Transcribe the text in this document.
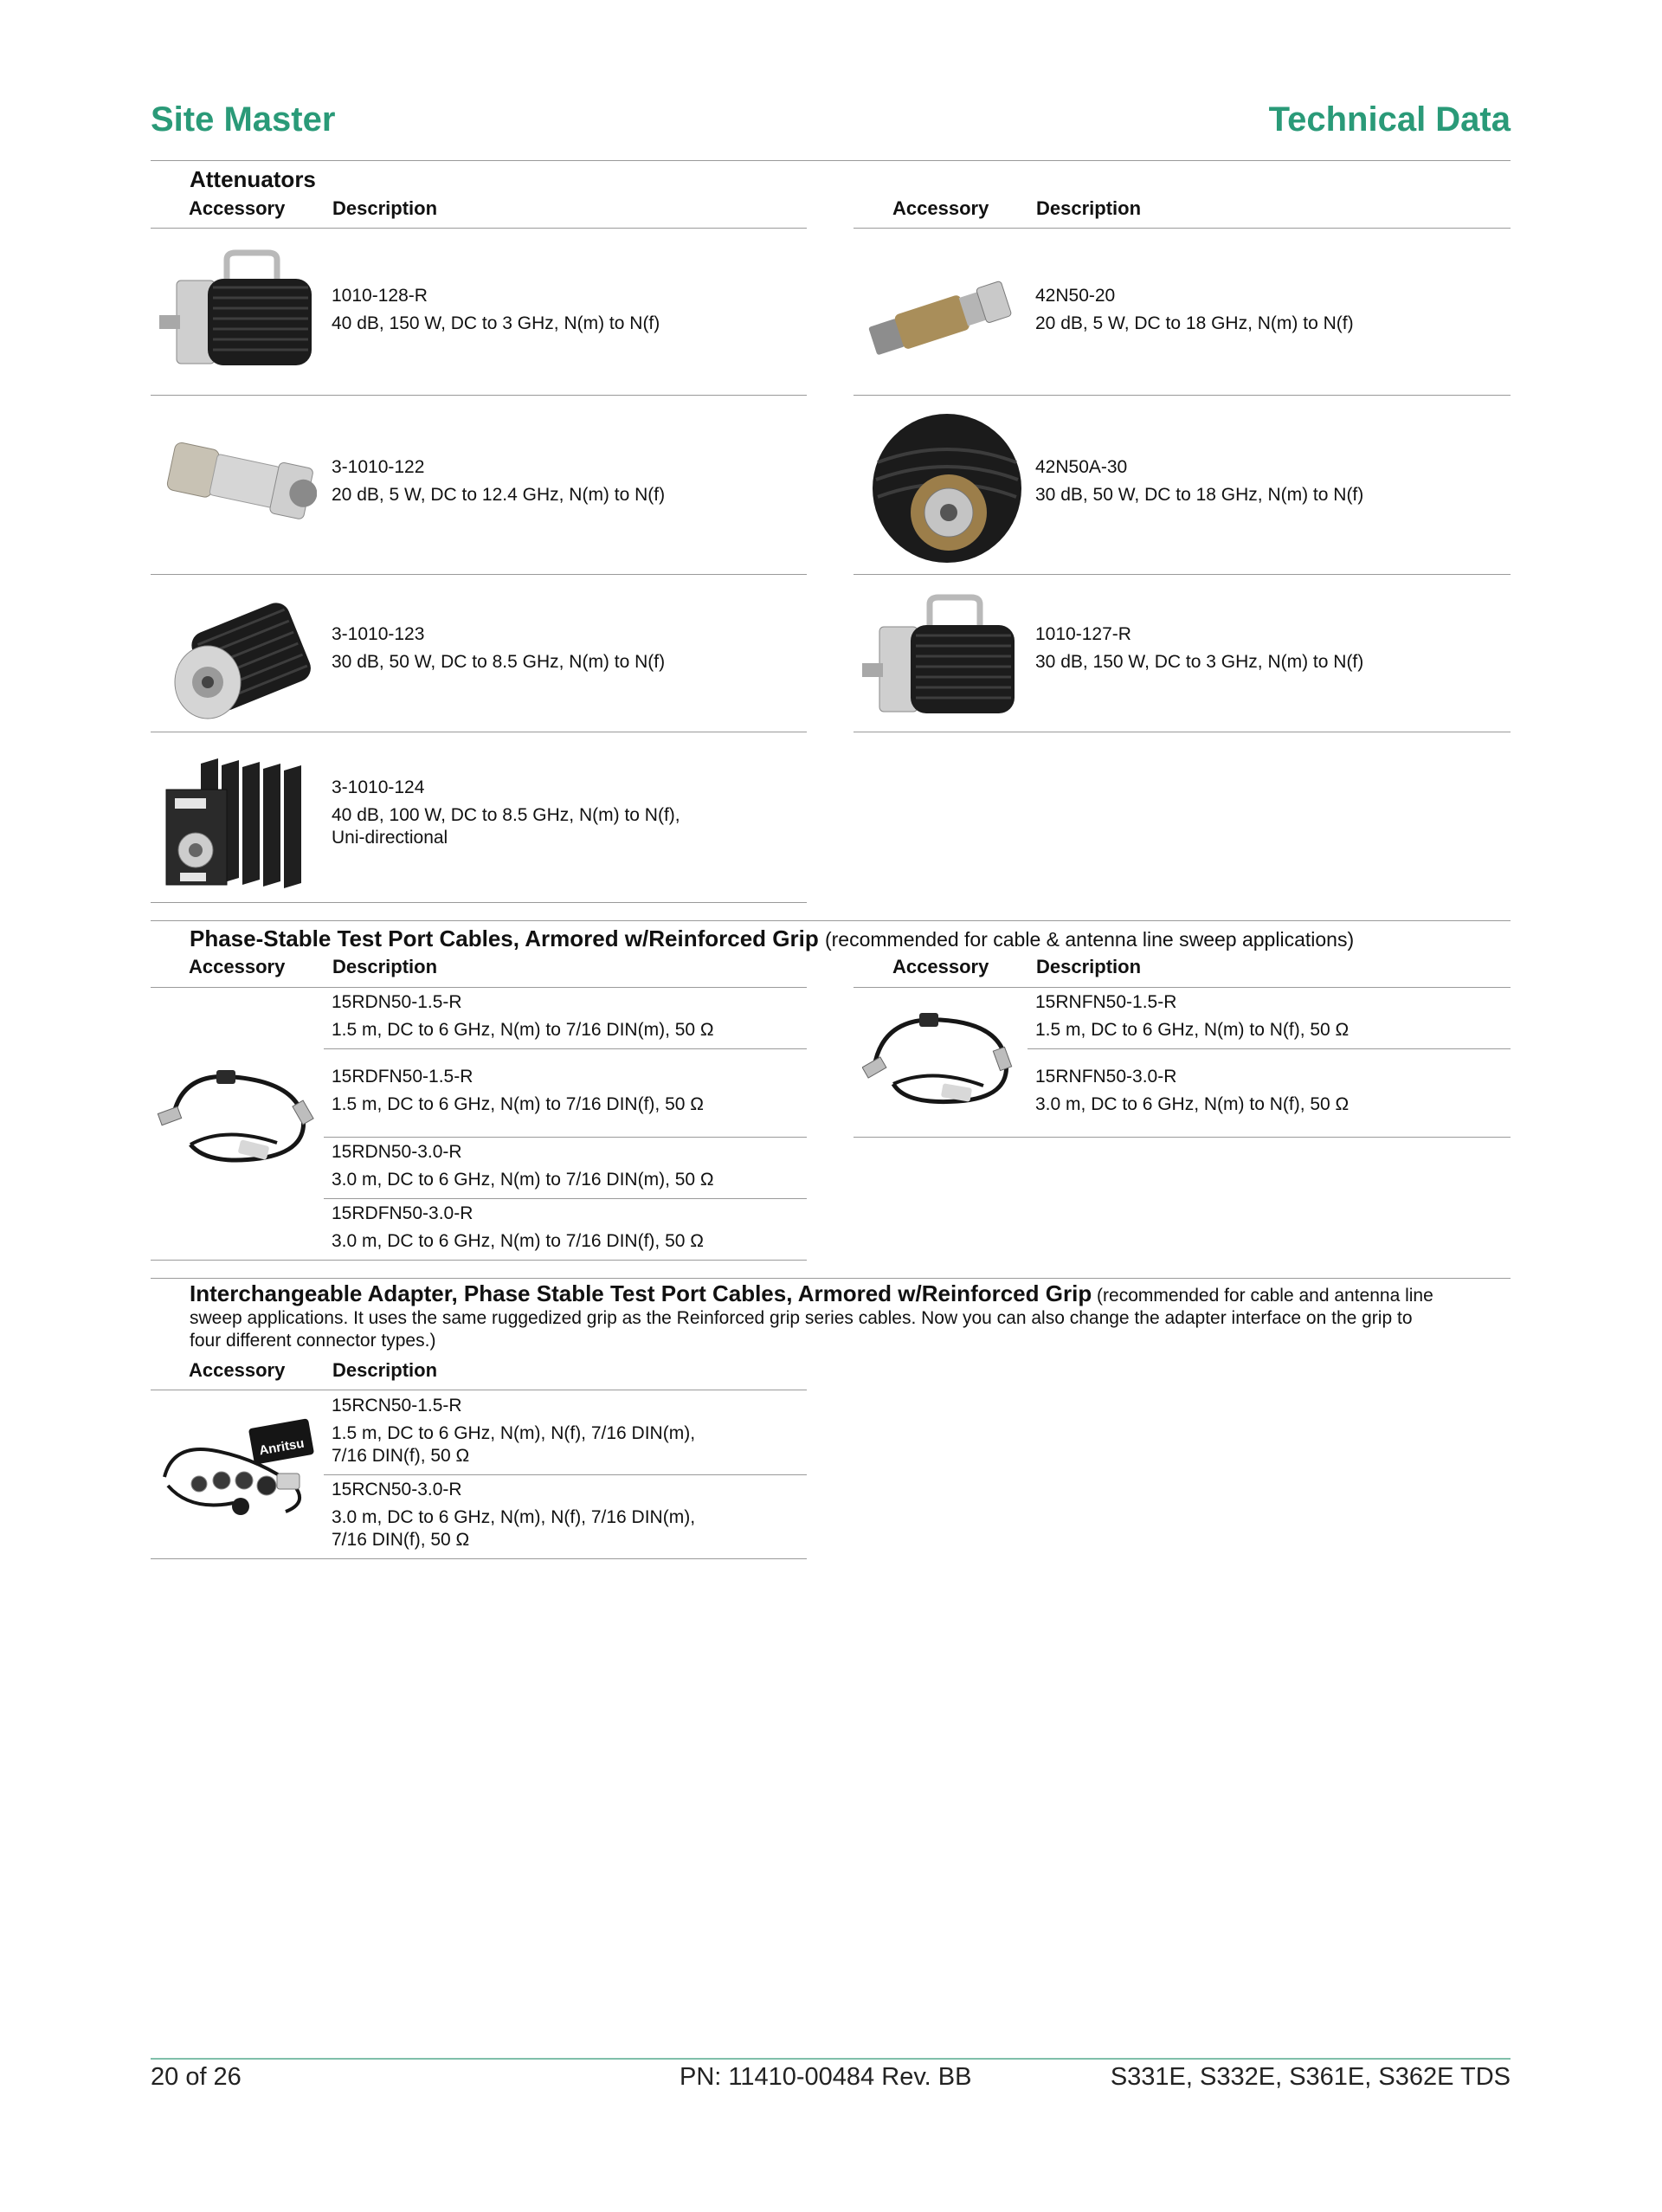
Site Master	Technical Data
Attenuators
Accessory Description	Accessory Description
1010-128-R
40 dB, 150 W, DC to 3 GHz, N(m) to N(f)
42N50-20
20 dB, 5 W, DC to 18 GHz, N(m) to N(f)
3-1010-122
20 dB, 5 W, DC to 12.4 GHz, N(m) to N(f)
42N50A-30
30 dB, 50 W, DC to 18 GHz, N(m) to N(f)
3-1010-123
30 dB, 50 W, DC to 8.5 GHz, N(m) to N(f)
1010-127-R
30 dB, 150 W, DC to 3 GHz, N(m) to N(f)
3-1010-124
40 dB, 100 W, DC to 8.5 GHz, N(m) to N(f),
Uni-directional
Phase-Stable Test Port Cables, Armored w/Reinforced Grip (recommended for cable & antenna line sweep applications)
Accessory Description	Accessory Description
15RDN50-1.5-R
1.5 m, DC to 6 GHz, N(m) to 7/16 DIN(m), 50 Ω
15RDFN50-1.5-R
1.5 m, DC to 6 GHz, N(m) to 7/16 DIN(f), 50 Ω
15RDN50-3.0-R
3.0 m, DC to 6 GHz, N(m) to 7/16 DIN(m), 50 Ω
15RDFN50-3.0-R
3.0 m, DC to 6 GHz, N(m) to 7/16 DIN(f), 50 Ω
15RNFN50-1.5-R
1.5 m, DC to 6 GHz, N(m) to N(f), 50 Ω
15RNFN50-3.0-R
3.0 m, DC to 6 GHz, N(m) to N(f), 50 Ω
Interchangeable Adapter, Phase Stable Test Port Cables, Armored w/Reinforced Grip (recommended for cable and antenna line
sweep applications. It uses the same ruggedized grip as the Reinforced grip series cables. Now you can also change the adapter interface on the grip to
four different connector types.)
Accessory Description
Anritsu
15RCN50-1.5-R
1.5 m, DC to 6 GHz, N(m), N(f), 7/16 DIN(m),
7/16 DIN(f), 50 Ω
15RCN50-3.0-R
3.0 m, DC to 6 GHz, N(m), N(f), 7/16 DIN(m),
7/16 DIN(f), 50 Ω
20 of 26	PN: 11410-00484 Rev. BB	S331E, S332E, S361E, S362E TDS
